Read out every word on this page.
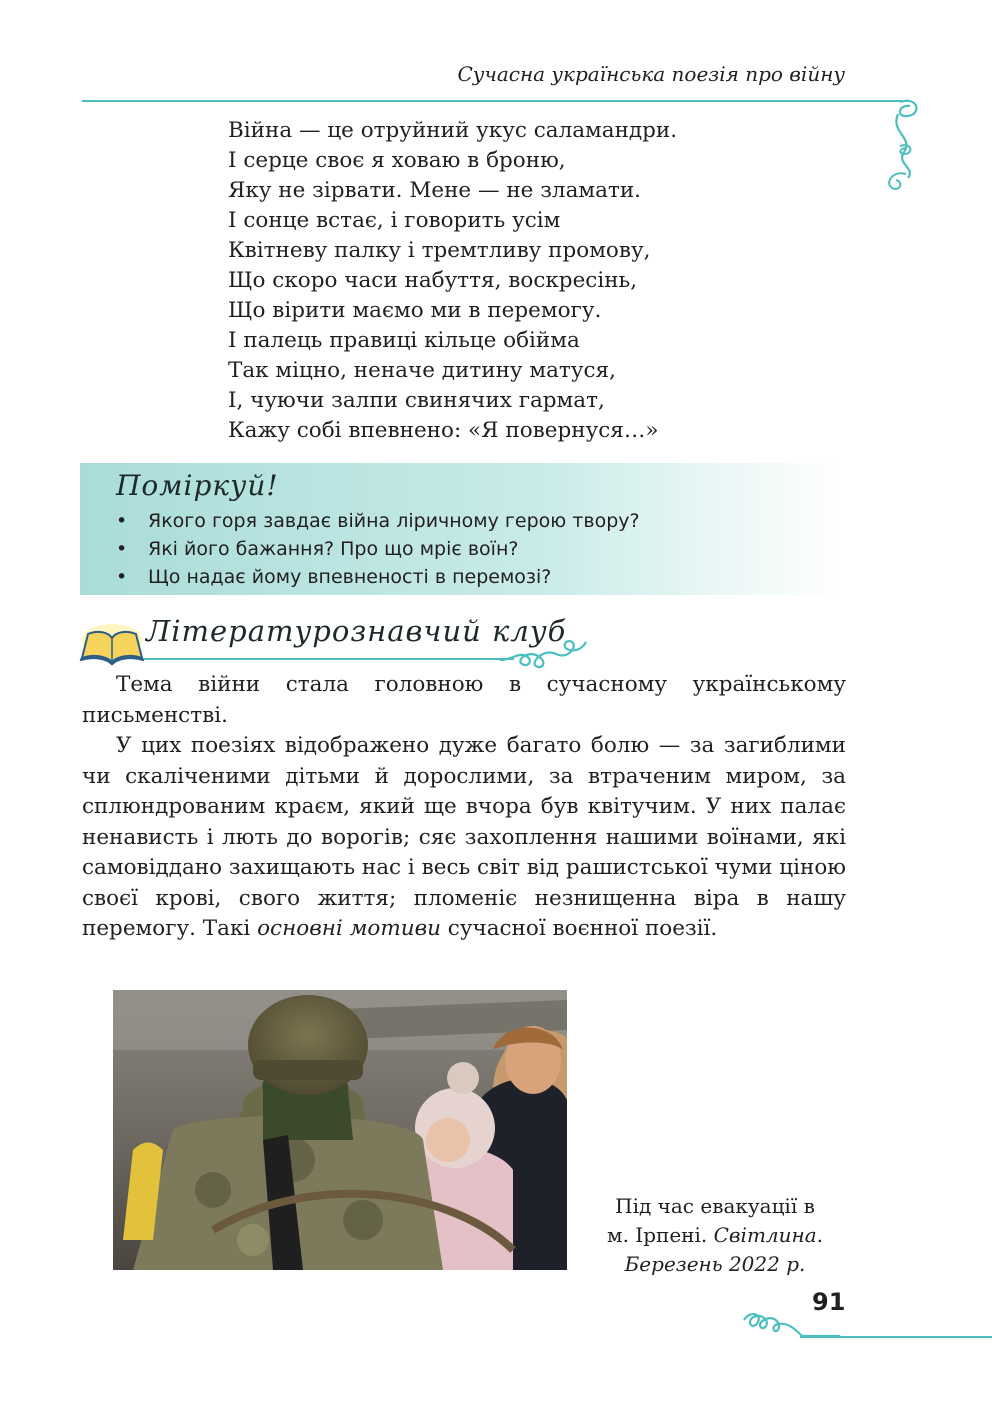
Сучасна українська поезія про війну
Війна — це отруйний укус саламандри.
І серце своє я ховаю в броню,
Яку не зірвати. Мене — не зламати.
І сонце встає, і говорить усім
Квітневу палку і тремтливу промову,
Що скоро часи набуття, воскресінь,
Що вірити маємо ми в перемогу.
І палець правиці кільце обійма
Так міцно, неначе дитину матуся,
І, чуючи залпи свинячих гармат,
Кажу собі впевнено: «Я повернуся…»
Поміркуй!
• Якого горя завдає війна ліричному герою твору?
• Які його бажання? Про що мріє воїн?
• Що надає йому впевненості в перемозі?
Літературознавчий клуб

Тема війни стала головною в сучасному українському письменстві.

У цих поезіях відображено дуже багато болю — за загиблими чи скаліченими дітьми й дорослими, за втраченим миром, за сплюндрованим краєм, який ще вчора був квітучим. У них палає ненависть і лють до ворогів; сяє захоплення нашими воїнами, які самовіддано захищають нас і весь світ від рашистської чуми ціною своєї крові, свого життя; пломеніє незнищенна віра в нашу перемогу. Такі основні мотиви сучасної воєнної поезії.

Під час евакуації в
м. Ірпені. Світлина.
Березень 2022 р.
91
